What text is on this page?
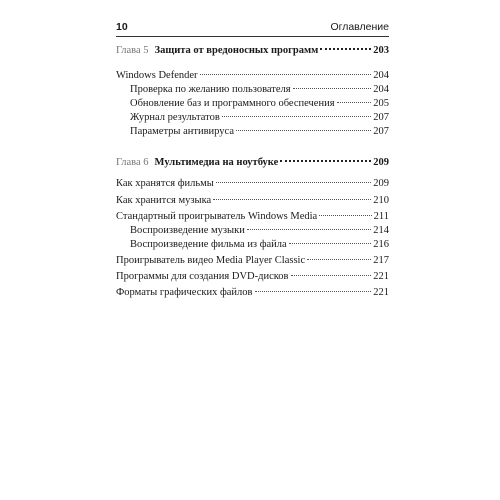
10	Оглавление
Глава 5 Защита от вредоносных программ	203
Windows Defender	204
Проверка по желанию пользователя	204
Обновление баз и программного обеспечения	205
Журнал результатов	207
Параметры антивируса	207
Глава 6 Мультимедиа на ноутбуке	209
Как хранятся фильмы	209
Как хранится музыка	210
Стандартный проигрыватель Windows Media	211
Воспроизведение музыки	214
Воспроизведение фильма из файла	216
Проигрыватель видео Media Player Classic	217
Программы для создания DVD-дисков	221
Форматы графических файлов	221
